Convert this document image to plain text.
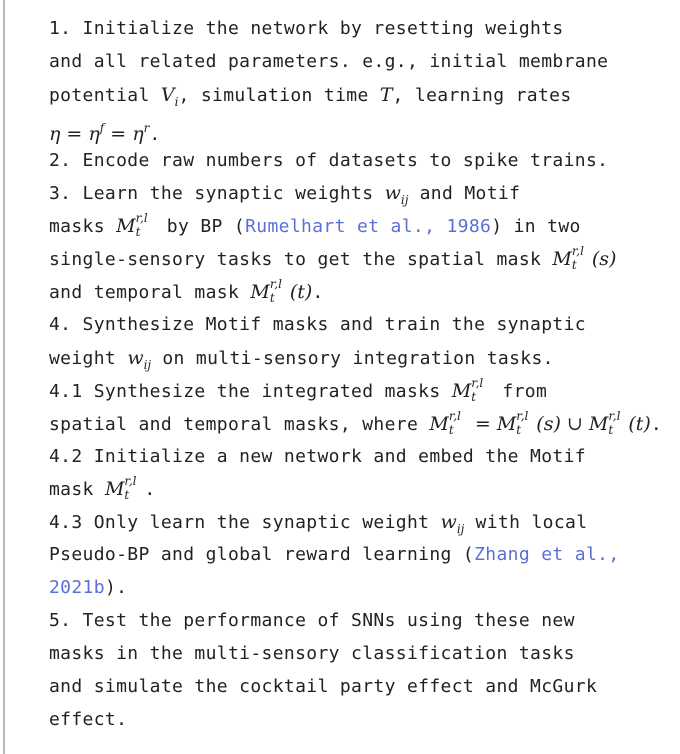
1. Initialize the network by resetting weights
and all related parameters. e.g., initial membrane
potential $V_i$, simulation time T, learning rates
$\eta = \eta^f = \eta^r$.
2. Encode raw numbers of datasets to spike trains.
3. Learn the synaptic weights $w_{ij}$ and Motif
masks M r,l
t by BP (Rumelhart et al., 1986) in two
single-sensory tasks to get the spatial mask M r,l
t (s)
and temporal mask M r,l
t (t).
4. Synthesize Motif masks and train the synaptic
weight $w_{ij}$ on multi-sensory integration tasks.
4.1 Synthesize the integrated masks M r,l
t from
spatial and temporal masks, where M r,l
t = M r,l
t (s) ∪ M r,l
t (t).
4.2 Initialize a new network and embed the Motif
mask M r,l
t .
4.3 Only learn the synaptic weight $w_{ij}$ with local
Pseudo-BP and global reward learning (Zhang et al.,
2021b).
5. Test the performance of SNNs using these new
masks in the multi-sensory classification tasks
and simulate the cocktail party effect and McGurk
effect.
